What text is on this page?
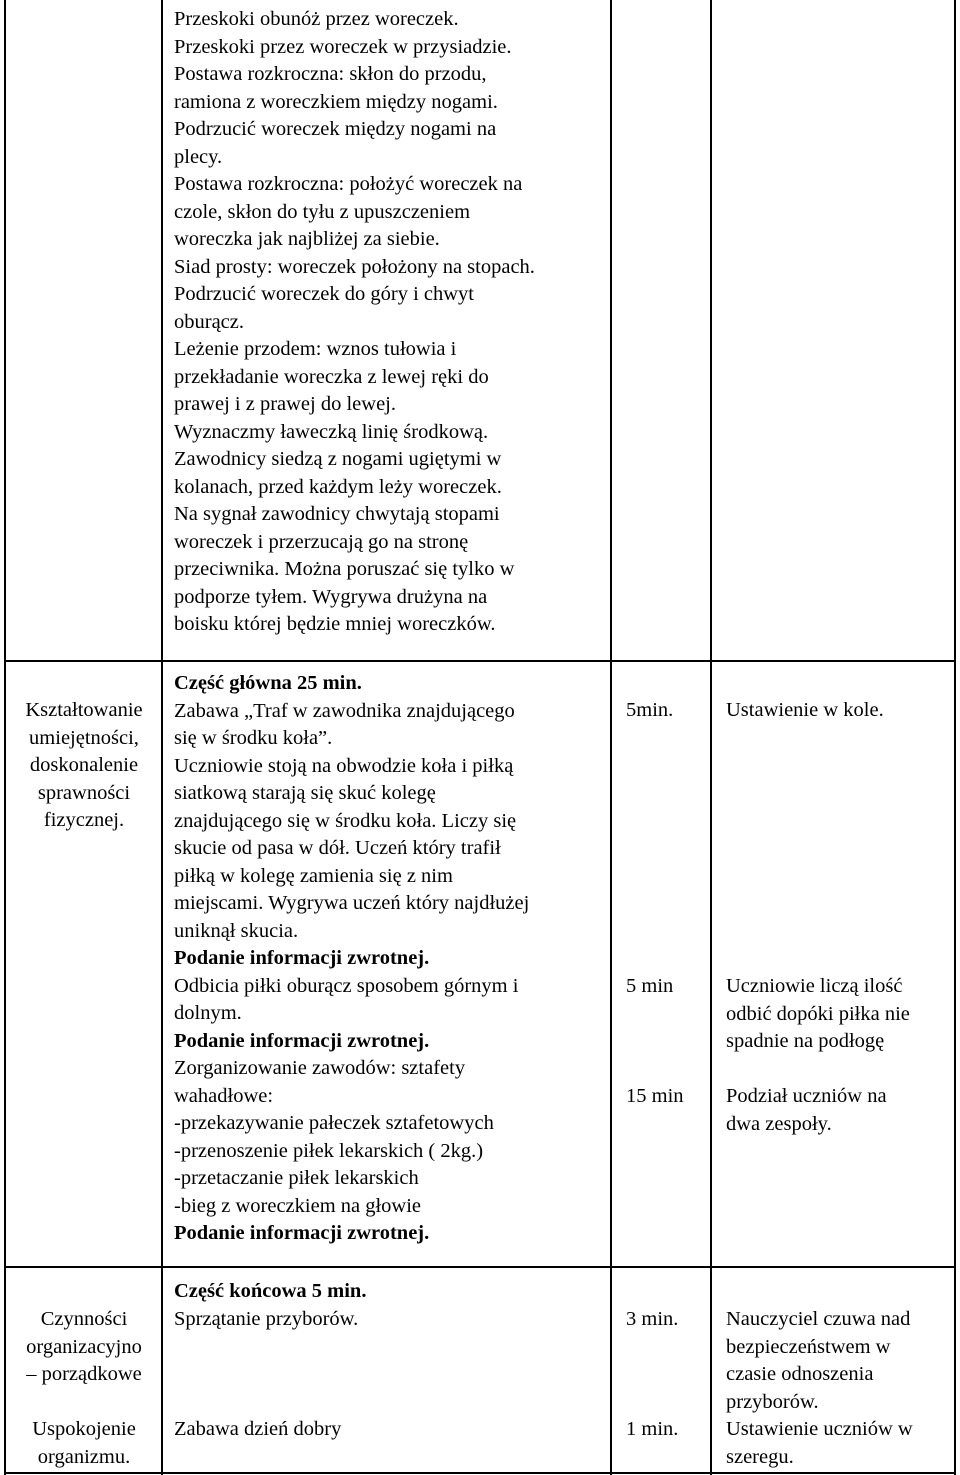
Przeskoki obunóż przez woreczek.
Przeskoki przez woreczek w przysiadzie.
Postawa rozkroczna: skłon do przodu,
ramiona z woreczkiem między nogami.
Podrzucić woreczek między nogami na
plecy.
Postawa rozkroczna: położyć woreczek na
czole, skłon do tyłu z upuszczeniem
woreczka jak najbliżej za siebie.
Siad prosty: woreczek położony na stopach.
Podrzucić woreczek do góry i chwyt
oburącz.
Leżenie przodem: wznos tułowia i
przekładanie woreczka z lewej ręki do
prawej i z prawej do lewej.
Wyznaczmy ławeczką linię środkową.
Zawodnicy siedzą z nogami ugiętymi w
kolanach, przed każdym leży woreczek.
Na sygnał zawodnicy chwytają stopami
woreczek i przerzucają go na stronę
przeciwnika. Można poruszać się tylko w
podporze tyłem. Wygrywa drużyna na
boisku której będzie mniej woreczków.
Kształtowanie
umiejętności,
doskonalenie
sprawności
fizycznej.
Część główna 25 min.
Zabawa „Traf w zawodnika znajdującego
się w środku koła”.
Uczniowie stoją na obwodzie koła i piłką
siatkową starają się skuć kolegę
znajdującego się w środku koła. Liczy się
skucie od pasa w dół. Uczeń który trafił
piłką w kolegę zamienia się z nim
miejscami. Wygrywa uczeń który najdłużej
uniknął skucia.
Podanie informacji zwrotnej.
Odbicia piłki oburącz sposobem górnym i
dolnym.
Podanie informacji zwrotnej.
Zorganizowanie zawodów: sztafety
wahadłowe:
-przekazywanie pałeczek sztafetowych
-przenoszenie piłek lekarskich ( 2kg.)
-przetaczanie piłek lekarskich
-bieg z woreczkiem na głowie
Podanie informacji zwrotnej.
5min.
5 min
15 min
Ustawienie w kole.
Uczniowie liczą ilość
odbić dopóki piłka nie
spadnie na podłogę
Podział uczniów na
dwa zespoły.
Czynności
organizacyjno
– porządkowe
Uspokojenie
organizmu.
Część końcowa 5 min.
Sprzątanie przyborów.
Zabawa dzień dobry
3 min.
1 min.
Nauczyciel czuwa nad
bezpieczeństwem w
czasie odnoszenia
przyborów.
Ustawienie uczniów w
szeregu.
